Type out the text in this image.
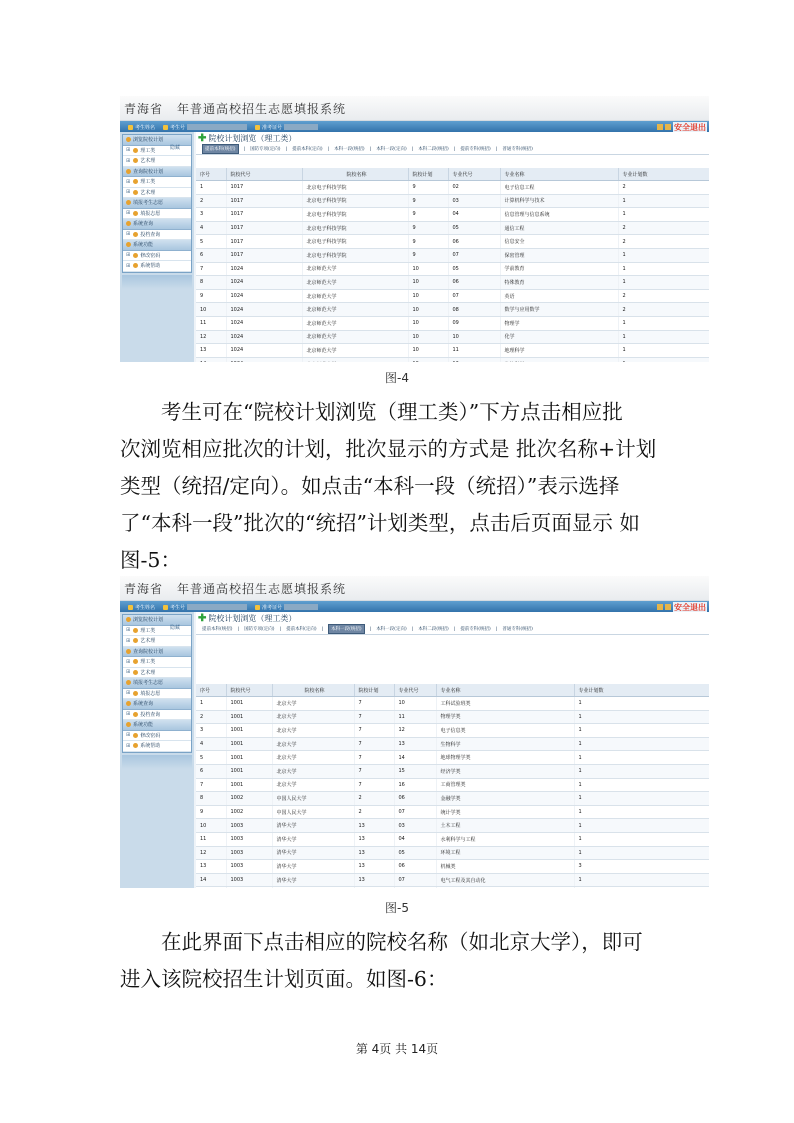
青海省 年普通高校招生志愿填报系统
考生姓名	考生号	准考证号	安全退出
浏览院校计划
⊞ 理工类
⊞ 艺术理
查询院校计划
⊞ 理工类
⊞ 艺术理
填报考生志愿
⊞ 填报志愿
系统查询
⊞ 投档查询
系统功能
⊞ 修改密码
⊞ 系统帮助
隐藏
✚ 院校计划浏览（理工类）
提前本科(统招)	| 国防专项(定向) | 提前本科(定向) | 本科一段(统招) | 本科一段(定向) | 本科二段(统招) | 提前专科(统招) | 普通专科(统招)
序号	院校代号	院校名称	院校计划	专业代号	专业名称	专业计划数
1	1017	北京电子科技学院	9	02	电子信息工程	2
2	1017	北京电子科技学院	9	03	计算机科学与技术	1
3	1017	北京电子科技学院	9	04	信息管理与信息系统	1
4	1017	北京电子科技学院	9	05	通信工程	2
5	1017	北京电子科技学院	9	06	信息安全	2
6	1017	北京电子科技学院	9	07	保密管理	1
7	1024	北京师范大学	10	05	学前教育	1
8	1024	北京师范大学	10	06	特殊教育	1
9	1024	北京师范大学	10	07	英语	2
10	1024	北京师范大学	10	08	数学与应用数学	2
11	1024	北京师范大学	10	09	物理学	1
12	1024	北京师范大学	10	10	化学	1
13	1024	北京师范大学	10	11	地理科学	1

图-4

考生可在“院校计划浏览（理工类）”下方点击相应批

次浏览相应批次的计划，批次显示的方式是 批次名称+计划

类型（统招/定向）。如点击“本科一段（统招）”表示选择

了“本科一段”批次的“统招”计划类型，点击后页面显示 如

图-5：

青海省 年普通高校招生志愿填报系统
考生姓名	考生号	准考证号	安全退出
浏览院校计划
⊞ 理工类
⊞ 艺术理
查询院校计划
⊞ 理工类
⊞ 艺术理
填报考生志愿
⊞ 填报志愿
系统查询
⊞ 投档查询
系统功能
⊞ 修改密码
⊞ 系统帮助
隐藏
✚ 院校计划浏览（理工类）
提前本科(统招) | 国防专项(定向) | 提前本科(定向) |	本科一段(统招)	| 本科一段(定向) | 本科二段(统招) | 提前专科(统招) | 普通专科(统招)
序号	院校代号	院校名称	院校计划	专业代号	专业名称	专业计划数
1	1001	北京大学	7	10	工科试验班类	1
2	1001	北京大学	7	11	物理学类	1
3	1001	北京大学	7	12	电子信息类	1
4	1001	北京大学	7	13	生物科学	1
5	1001	北京大学	7	14	地球物理学类	1
6	1001	北京大学	7	15	经济学类	1
7	1001	北京大学	7	16	工商管理类	1
8	1002	中国人民大学	2	06	金融学类	1
9	1002	中国人民大学	2	07	统计学类	1
10	1003	清华大学	13	03	土木工程	1
11	1003	清华大学	13	04	水利科学与工程	1
12	1003	清华大学	13	05	环境工程	1
13	1003	清华大学	13	06	机械类	3
14	1003	清华大学	13	07	电气工程及其自动化	1

图-5

在此界面下点击相应的院校名称（如北京大学），即可

进入该院校招生计划页面。如图-6：

第 4页 共 14页
